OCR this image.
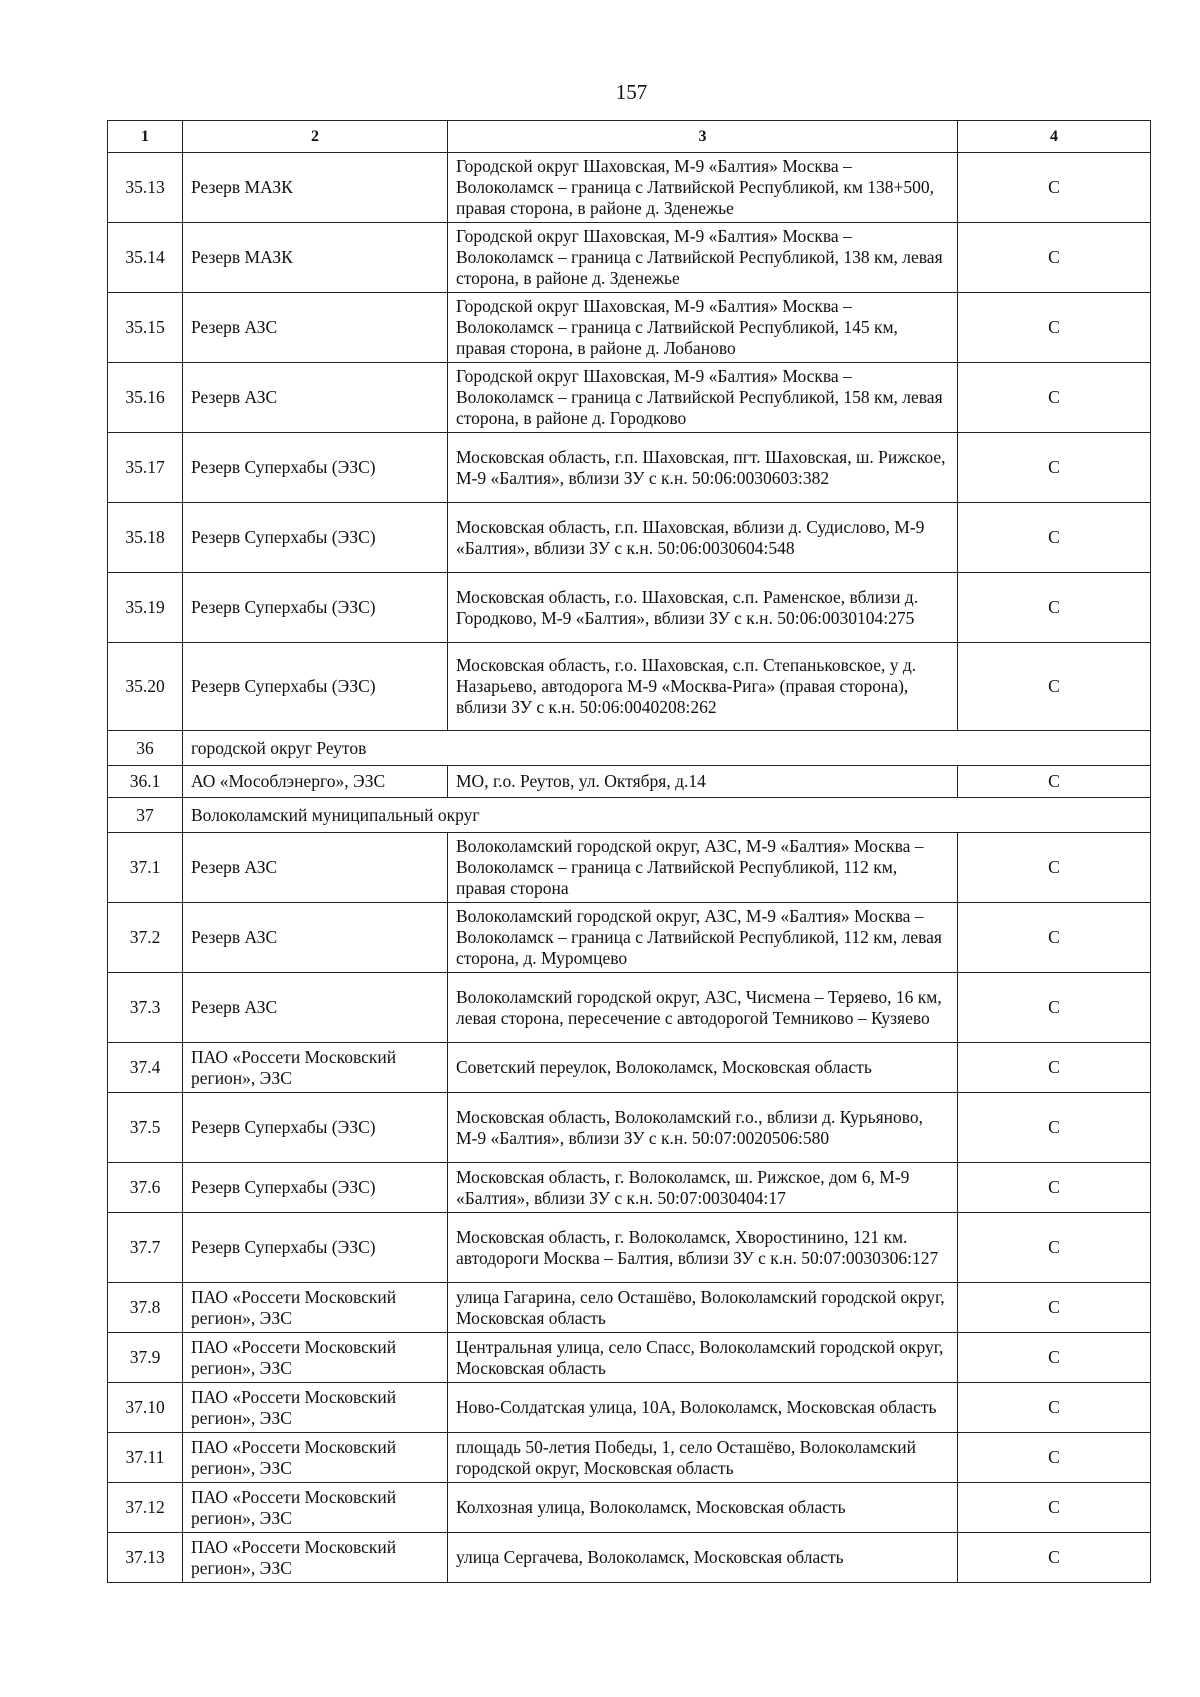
157
1	2	3	4
35.13	Резерв МАЗК	Городской округ Шаховская, М-9 «Балтия» Москва – Волоколамск – граница с Латвийской Республикой, км 138+500, правая сторона, в районе д. Зденежье	С
35.14	Резерв МАЗК	Городской округ Шаховская, М-9 «Балтия» Москва – Волоколамск – граница с Латвийской Республикой, 138 км, левая сторона, в районе д. Зденежье	С
35.15	Резерв АЗС	Городской округ Шаховская, М-9 «Балтия» Москва – Волоколамск – граница с Латвийской Республикой, 145 км, правая сторона, в районе д. Лобаново	С
35.16	Резерв АЗС	Городской округ Шаховская, М-9 «Балтия» Москва – Волоколамск – граница с Латвийской Республикой, 158 км, левая сторона, в районе д. Городково	С
35.17	Резерв Суперхабы (ЭЗС)	Московская область, г.п. Шаховская, пгт. Шаховская, ш. Рижское, М-9 «Балтия», вблизи ЗУ с к.н. 50:06:0030603:382	С
35.18	Резерв Суперхабы (ЭЗС)	Московская область, г.п. Шаховская, вблизи д. Судислово, М-9 «Балтия», вблизи ЗУ с к.н. 50:06:0030604:548	С
35.19	Резерв Суперхабы (ЭЗС)	Московская область, г.о. Шаховская, с.п. Раменское, вблизи д. Городково, М-9 «Балтия», вблизи ЗУ с к.н. 50:06:0030104:275	С
35.20	Резерв Суперхабы (ЭЗС)	Московская область, г.о. Шаховская, с.п. Степаньковское, у д. Назарьево, автодорога М-9 «Москва-Рига» (правая сторона), вблизи ЗУ с к.н. 50:06:0040208:262	С
36	городской округ Реутов		
36.1	АО «Мособлэнерго», ЭЗС	МО, г.о. Реутов, ул. Октября, д.14	С
37	Волоколамский муниципальный округ		
37.1	Резерв АЗС	Волоколамский городской округ, АЗС, М-9 «Балтия» Москва – Волоколамск – граница с Латвийской Республикой, 112 км, правая сторона	С
37.2	Резерв АЗС	Волоколамский городской округ, АЗС, М-9 «Балтия» Москва – Волоколамск – граница с Латвийской Республикой, 112 км, левая сторона, д. Муромцево	С
37.3	Резерв АЗС	Волоколамский городской округ, АЗС, Чисмена – Теряево, 16 км, левая сторона, пересечение с автодорогой Темниково – Кузяево	С
37.4	ПАО «Россети Московский регион», ЭЗС	Советский переулок, Волоколамск, Московская область	С
37.5	Резерв Суперхабы (ЭЗС)	Московская область, Волоколамский г.о., вблизи д. Курьяново, М-9 «Балтия», вблизи ЗУ с к.н. 50:07:0020506:580	С
37.6	Резерв Суперхабы (ЭЗС)	Московская область, г. Волоколамск, ш. Рижское, дом 6, М-9 «Балтия», вблизи ЗУ с к.н. 50:07:0030404:17	С
37.7	Резерв Суперхабы (ЭЗС)	Московская область, г. Волоколамск, Хворостинино, 121 км. автодороги Москва – Балтия, вблизи ЗУ с к.н. 50:07:0030306:127	С
37.8	ПАО «Россети Московский регион», ЭЗС	улица Гагарина, село Осташёво, Волоколамский городской округ, Московская область	С
37.9	ПАО «Россети Московский регион», ЭЗС	Центральная улица, село Спасс, Волоколамский городской округ, Московская область	С
37.10	ПАО «Россети Московский регион», ЭЗС	Ново-Солдатская улица, 10А, Волоколамск, Московская область	С
37.11	ПАО «Россети Московский регион», ЭЗС	площадь 50-летия Победы, 1, село Осташёво, Волоколамский городской округ, Московская область	С
37.12	ПАО «Россети Московский регион», ЭЗС	Колхозная улица, Волоколамск, Московская область	С
37.13	ПАО «Россети Московский регион», ЭЗС	улица Сергачева, Волоколамск, Московская область	С
